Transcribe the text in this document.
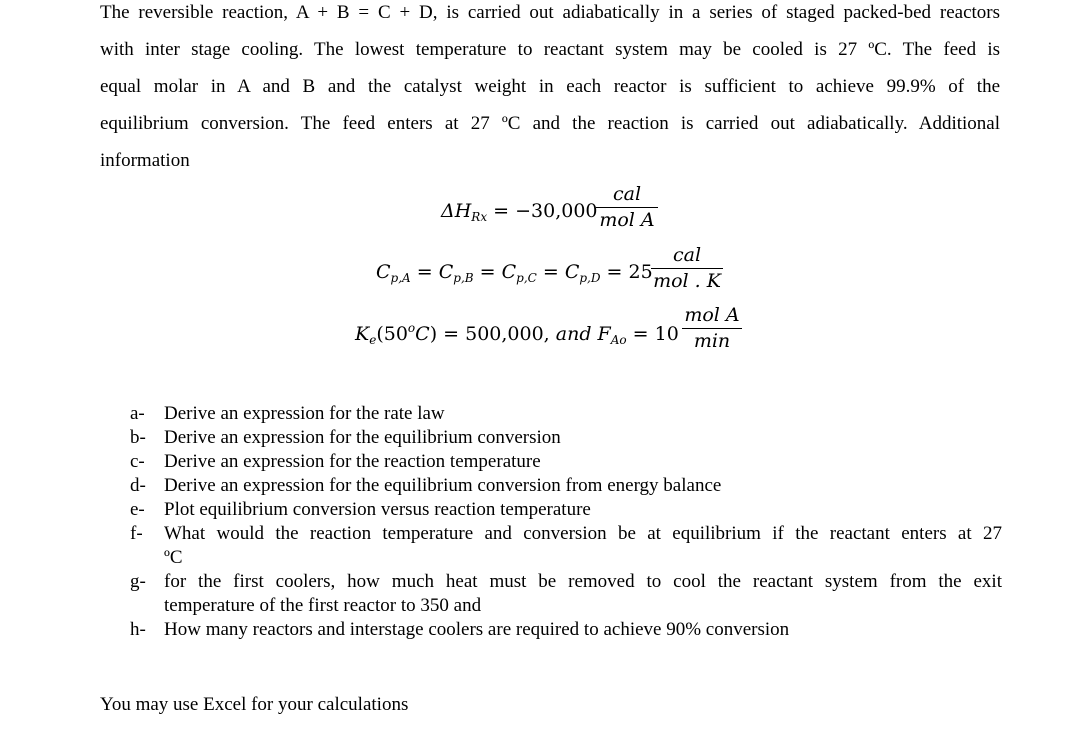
The reversible reaction, A + B = C + D, is carried out adiabatically in a series of staged packed-bed reactors
with inter stage cooling. The lowest temperature to reactant system may be cooled is 27 ºC. The feed is
equal molar in A and B and the catalyst weight in each reactor is sufficient to achieve 99.9% of the
equilibrium conversion. The feed enters at 27 ºC and the reaction is carried out adiabatically. Additional
information
$\Delta H_{Rx} = -30,000$
cal
mol A
$C_{p,A} = C_{p,B} = C_{p,C} = C_{p,D} = 25$
cal
mol . K
$K_e(50^oC) = 500,000$, and $F_{Ao} = 10$
mol A
min
a- Derive an expression for the rate law
b- Derive an expression for the equilibrium conversion
c- Derive an expression for the reaction temperature
d- Derive an expression for the equilibrium conversion from energy balance
e- Plot equilibrium conversion versus reaction temperature
f- What would the reaction temperature and conversion be at equilibrium if the reactant enters at 27
ºC
g- for the first coolers, how much heat must be removed to cool the reactant system from the exit
temperature of the first reactor to 350 and
h- How many reactors and interstage coolers are required to achieve 90% conversion
You may use Excel for your calculations
